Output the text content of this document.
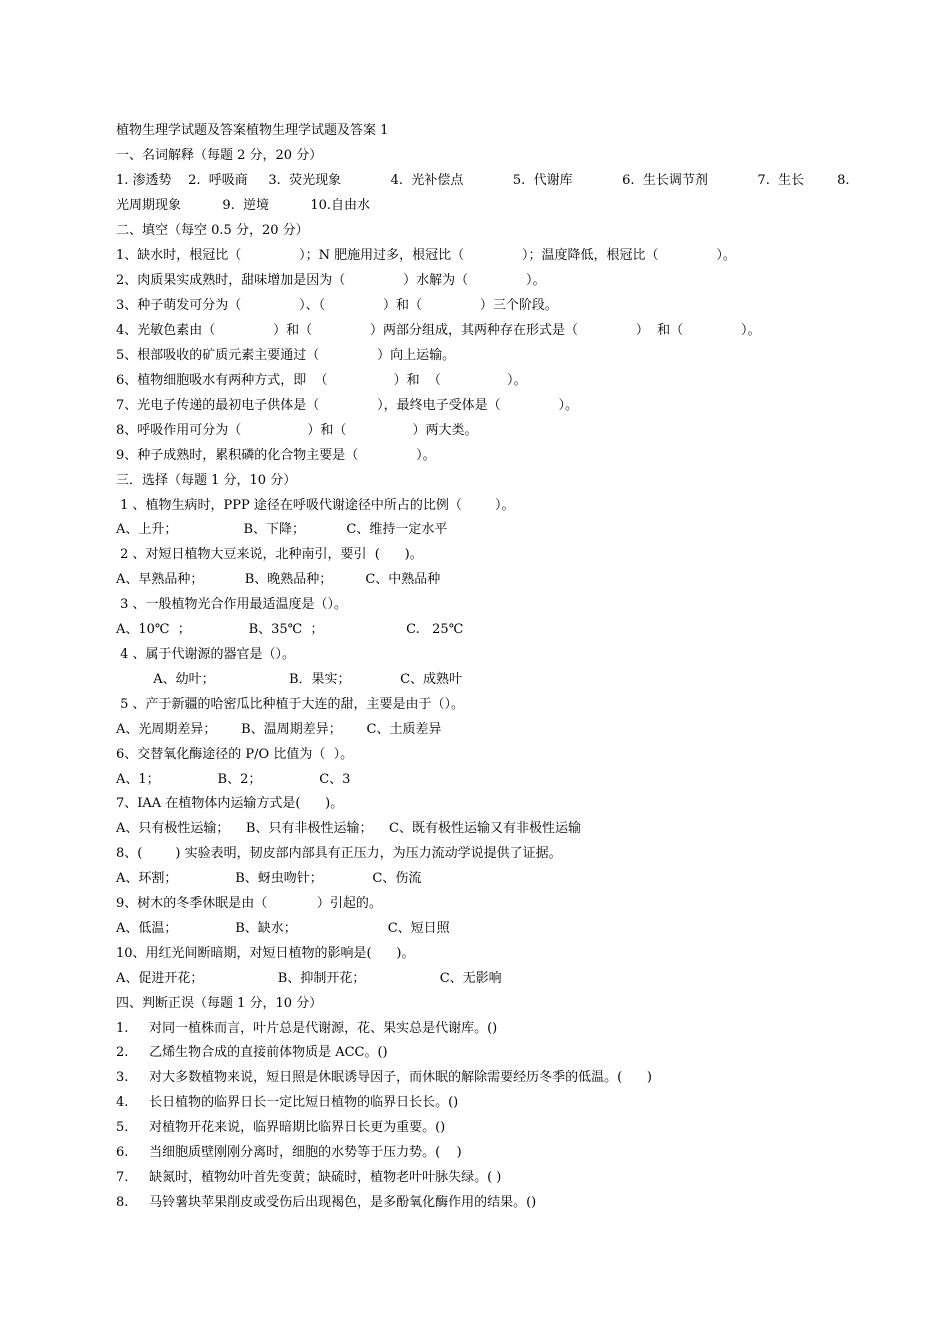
植物生理学试题及答案植物生理学试题及答案 1
一、名词解释（每题 2 分，20 分）
1. 渗透势    2.  呼吸商     3.  荧光现象            4.  光补偿点            5.  代谢库            6.  生长调节剂            7.  生长        8.
光周期现象          9.  逆境          10.自由水
二、填空（每空 0.5 分，20 分）
1、缺水时，根冠比（              ）；N 肥施用过多，根冠比（              ）；温度降低，根冠比（              ）。
2、肉质果实成熟时，甜味增加是因为（              ）水解为（              ）。
3、种子萌发可分为（              ）、（              ）和（              ）三个阶段。
4、光敏色素由（              ）和（              ）两部分组成，其两种存在形式是（              ）  和（              ）。
5、根部吸收的矿质元素主要通过（              ）向上运输。
6、植物细胞吸水有两种方式，即  （                ）和  （                ）。
7、光电子传递的最初电子供体是（              ），最终电子受体是（              ）。
8、呼吸作用可分为（                ）和（                ）两大类。
9、种子成熟时，累积磷的化合物主要是（              ）。
三．选择（每题 1 分，10 分）
1 、植物生病时，PPP 途径在呼吸代谢途径中所占的比例（        ）。
A、上升；                B、下降；          C、维持一定水平
2 、对短日植物大豆来说，北种南引，要引  (      )。
A、早熟品种；          B、晚熟品种；        C、中熟品种
3 、一般植物光合作用最适温度是（）。
A、10℃  ；              B、35℃  ；                    C.   25℃
4 、属于代谢源的器官是（）。
A、幼叶；                  B．果实；            C、成熟叶
5 、产于新疆的哈密瓜比种植于大连的甜，主要是由于（）。
A、光周期差异；      B、温周期差异；      C、土质差异
6、交替氧化酶途径的 P/O 比值为（  ）。
A、1；              B、2；              C、3
7、IAA 在植物体内运输方式是(      )。
A、只有极性运输；    B、只有非极性运输；    C、既有极性运输又有非极性运输
8、(        ) 实验表明，韧皮部内部具有正压力，为压力流动学说提供了证据。
A、环割；              B、蚜虫吻针；            C、伤流
9、树木的冬季休眠是由（            ）引起的。
A、低温；              B、缺水；                      C、短日照
10、用红光间断暗期，对短日植物的影响是(      )。
A、促进开花；                  B、抑制开花；                  C、无影响
四、判断正误（每题 1 分，10 分）
1.     对同一植株而言，叶片总是代谢源，花、果实总是代谢库。()
2.     乙烯生物合成的直接前体物质是 ACC。()
3.     对大多数植物来说，短日照是休眠诱导因子，而休眠的解除需要经历冬季的低温。(      )
4.     长日植物的临界日长一定比短日植物的临界日长长。()
5.     对植物开花来说，临界暗期比临界日长更为重要。()
6.     当细胞质壁刚刚分离时，细胞的水势等于压力势。(    )
7.     缺氮时，植物幼叶首先变黄；缺硫时，植物老叶叶脉失绿。( )
8.     马铃薯块苹果削皮或受伤后出现褐色，是多酚氧化酶作用的结果。()
